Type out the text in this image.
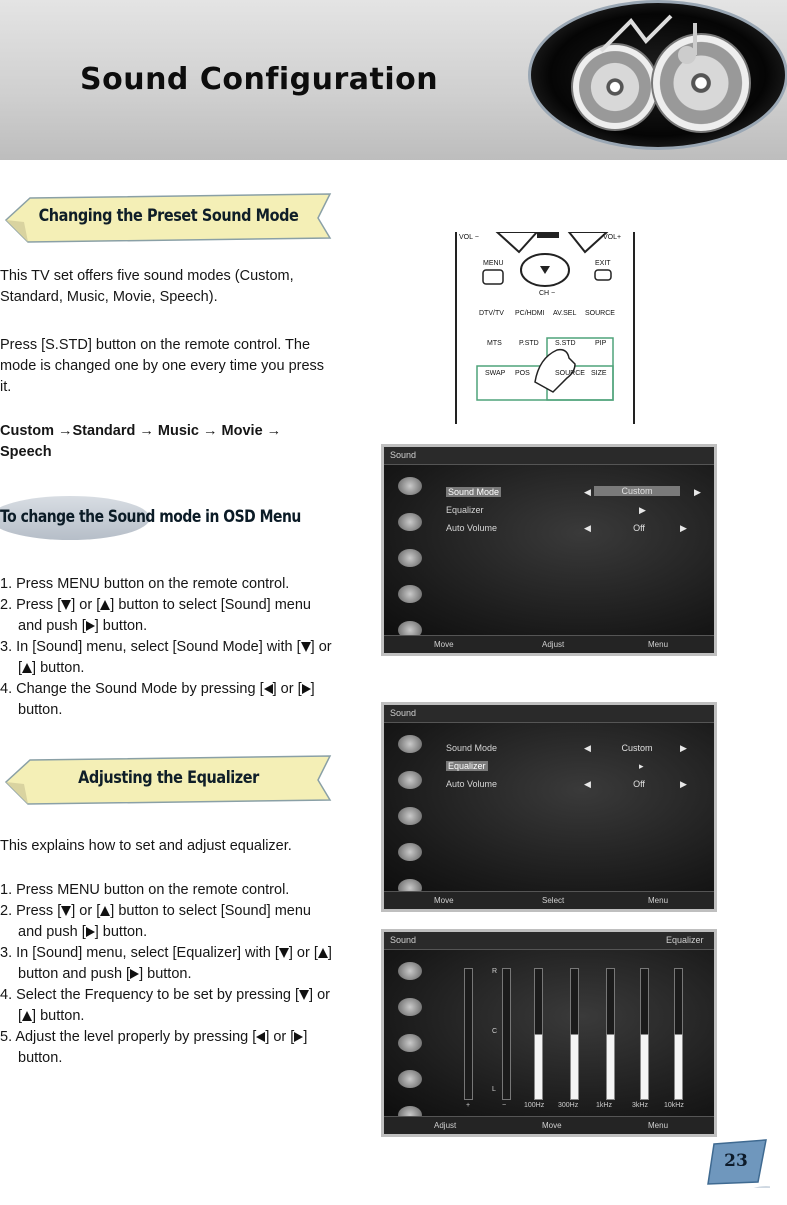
Sound Configuration
Changing the Preset Sound Mode
This TV set offers five sound modes (Custom, Standard, Music, Movie, Speech).
Press [S.STD] button on the remote control. The mode is changed one by one every time you press it.
Custom →Standard → Music → Movie → Speech
To change the Sound mode in OSD Menu
1. Press MENU button on the remote control.
2. Press [ ] or [ ] button to select [Sound] menu and push [ ] button.
3. In [Sound] menu, select [Sound Mode] with [ ] or [ ] button.
4. Change the Sound Mode by pressing [ ] or [ ] button.
Adjusting the Equalizer
This explains how to set and adjust equalizer.
1. Press MENU button on the remote control.
2. Press [ ] or [ ] button to select [Sound] menu and push [ ] button.
3. In [Sound] menu, select [Equalizer] with [ ] or [ ] button and push [ ] button.
4. Select the Frequency to be set by pressing [ ] or [ ] button.
5. Adjust the level properly by pressing [ ] or [ ] button.
VOL −	VOL+
MENU	EXIT
CH −
DTV/TV PC/HDMI AV.SEL SOURCE
MTS P.STD S.STD	PIP
SWAP POS	SOURCE SIZE
Sound
Sound Mode	◀	Custom	▶
Equalizer	▶
Auto Volume	◀	Off	▶
Move	Adjust	Menu
Sound
Sound Mode	◀	Custom	▶
Equalizer	▸
Auto Volume	◀	Off	▶
Move	Select	Menu
Sound	Equalizer
R
C
L
+	−	100Hz 300Hz	1kHz	3kHz 10kHz
Adjust	Move	Menu
23
